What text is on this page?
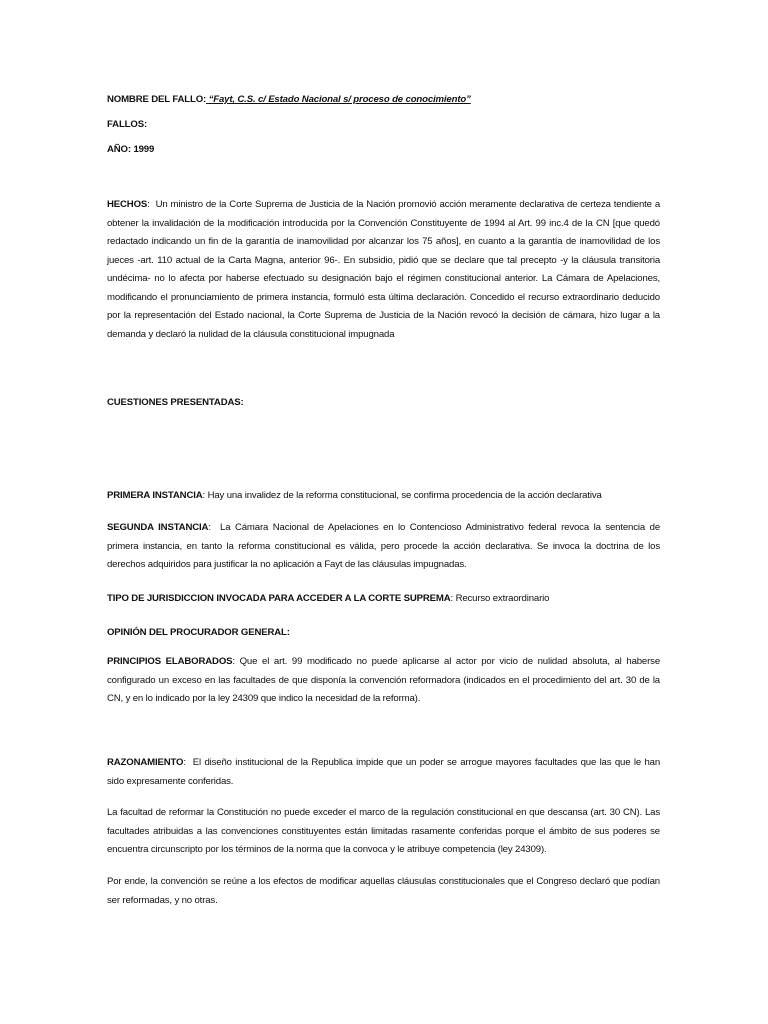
NOMBRE DEL FALLO: “Fayt, C.S. c/ Estado Nacional s/ proceso de conocimiento”
FALLOS:
AÑO: 1999
HECHOS:  Un ministro de la Corte Suprema de Justicia de la Nación promovió acción meramente declarativa de certeza tendiente a obtener la invalidación de la modificación introducida por la Convención Constituyente de 1994 al Art. 99 inc.4 de la CN [que quedó redactado indicando un fin de la garantía de inamovilidad por alcanzar los 75 años], en cuanto a la garantía de inamovilidad de los jueces -art. 110 actual de la Carta Magna, anterior 96-. En subsidio, pidió que se declare que tal precepto -y la cláusula transitoria undécima- no lo afecta por haberse efectuado su designación bajo el régimen constitucional anterior. La Cámara de Apelaciones, modificando el pronunciamiento de primera instancia, formuló esta última declaración. Concedido el recurso extraordinario deducido por la representación del Estado nacional, la Corte Suprema de Justicia de la Nación revocó la decisión de cámara, hizo lugar a la demanda y declaró la nulidad de la cláusula constitucional impugnada
CUESTIONES PRESENTADAS:
PRIMERA INSTANCIA: Hay una invalidez de la reforma constitucional, se confirma procedencia de la acción declarativa
SEGUNDA INSTANCIA:  La Cámara Nacional de Apelaciones en lo Contencioso Administrativo federal revoca la sentencia de primera instancia, en tanto la reforma constitucional es válida, pero procede la acción declarativa. Se invoca la doctrina de los derechos adquiridos para justificar la no aplicación a Fayt de las cláusulas impugnadas.
TIPO DE JURISDICCION INVOCADA PARA ACCEDER A LA CORTE SUPREMA: Recurso extraordinario
OPINIÓN DEL PROCURADOR GENERAL:
PRINCIPIOS ELABORADOS: Que el art. 99 modificado no puede aplicarse al actor por vicio de nulidad absoluta, al haberse configurado un exceso en las facultades de que disponía la convención reformadora (indicados en el procedimiento del art. 30 de la CN, y en lo indicado por la ley 24309 que indico la necesidad de la reforma).
RAZONAMIENTO:  El diseño institucional de la Republica impide que un poder se arrogue mayores facultades que las que le han sido expresamente conferidas.
La facultad de reformar la Constitución no puede exceder el marco de la regulación constitucional en que descansa (art. 30 CN). Las facultades atribuidas a las convenciones constituyentes están limitadas rasamente conferidas porque el ámbito de sus poderes se encuentra circunscripto por los términos de la norma que la convoca y le atribuye competencia (ley 24309).
Por ende, la convención se reúne a los efectos de modificar aquellas cláusulas constitucionales que el Congreso declaró que podían ser reformadas, y no otras.
